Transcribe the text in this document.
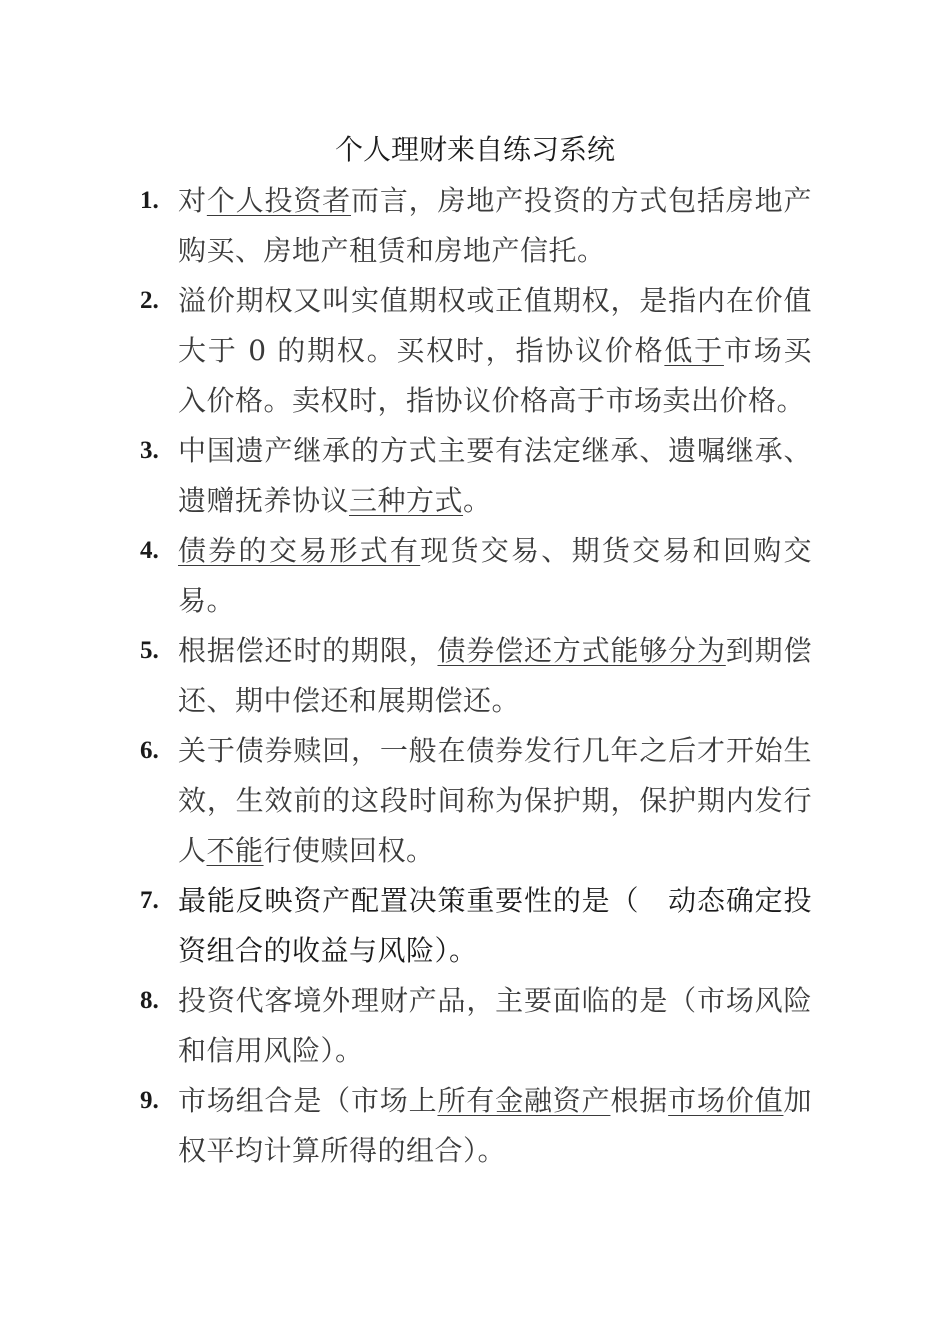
个人理财来自练习系统
1. 对个人投资者而言，房地产投资的方式包括房地产购买、房地产租赁和房地产信托。
2. 溢价期权又叫实值期权或正值期权，是指内在价值大于 0 的期权。买权时，指协议价格低于市场买入价格。卖权时，指协议价格高于市场卖出价格。
3. 中国遗产继承的方式主要有法定继承、遗嘱继承、遗赠抚养协议三种方式。
4. 债券的交易形式有现货交易、期货交易和回购交易。
5. 根据偿还时的期限，债券偿还方式能够分为到期偿还、期中偿还和展期偿还。
6. 关于债券赎回，一般在债券发行几年之后才开始生效，生效前的这段时间称为保护期，保护期内发行人不能行使赎回权。
7. 最能反映资产配置决策重要性的是（　动态确定投资组合的收益与风险）。
8. 投资代客境外理财产品，主要面临的是（市场风险和信用风险）。
9. 市场组合是（市场上所有金融资产根据市场价值加权平均计算所得的组合）。
